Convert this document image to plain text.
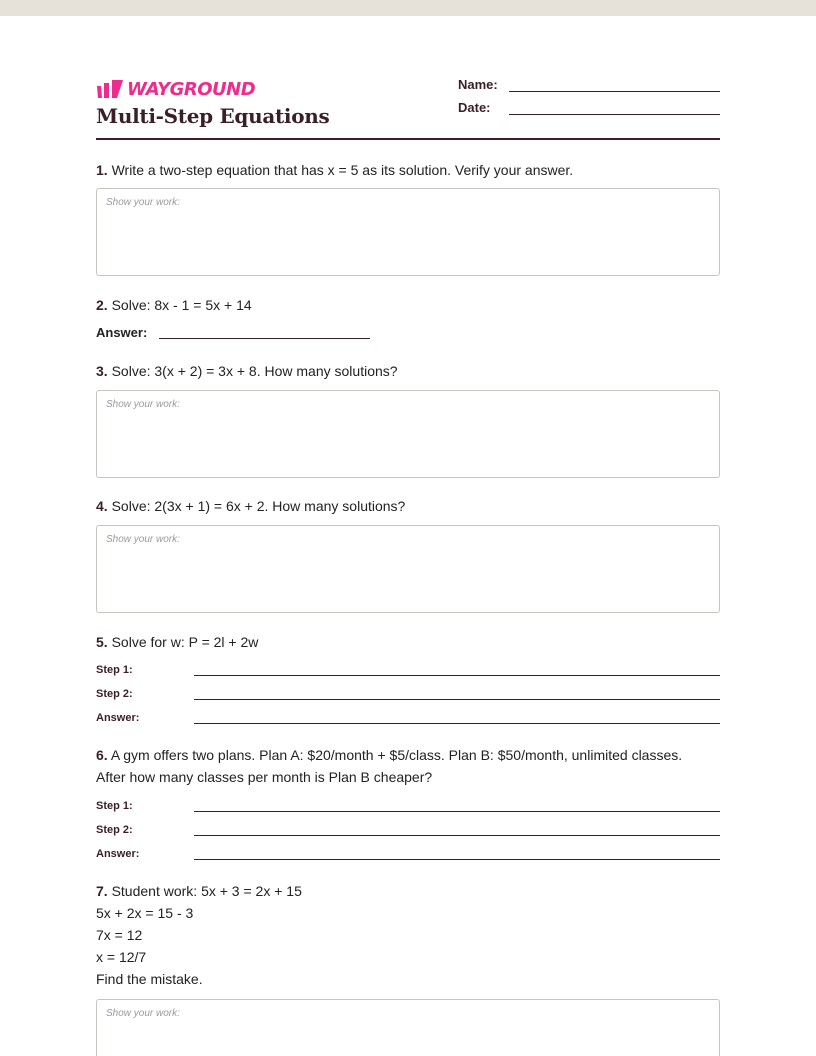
WAYGROUND
Multi-Step Equations
Name:
Date:
1. Write a two-step equation that has x = 5 as its solution. Verify your answer.
Show your work:
2. Solve: 8x - 1 = 5x + 14
Answer:
3. Solve: 3(x + 2) = 3x + 8. How many solutions?
Show your work:
4. Solve: 2(3x + 1) = 6x + 2. How many solutions?
Show your work:
5. Solve for w: P = 2l + 2w
Step 1:
Step 2:
Answer:
6. A gym offers two plans. Plan A: $20/month + $5/class. Plan B: $50/month, unlimited classes.
After how many classes per month is Plan B cheaper?
Step 1:
Step 2:
Answer:
7. Student work: 5x + 3 = 2x + 15
5x + 2x = 15 - 3
7x = 12
x = 12/7
Find the mistake.
Show your work:
